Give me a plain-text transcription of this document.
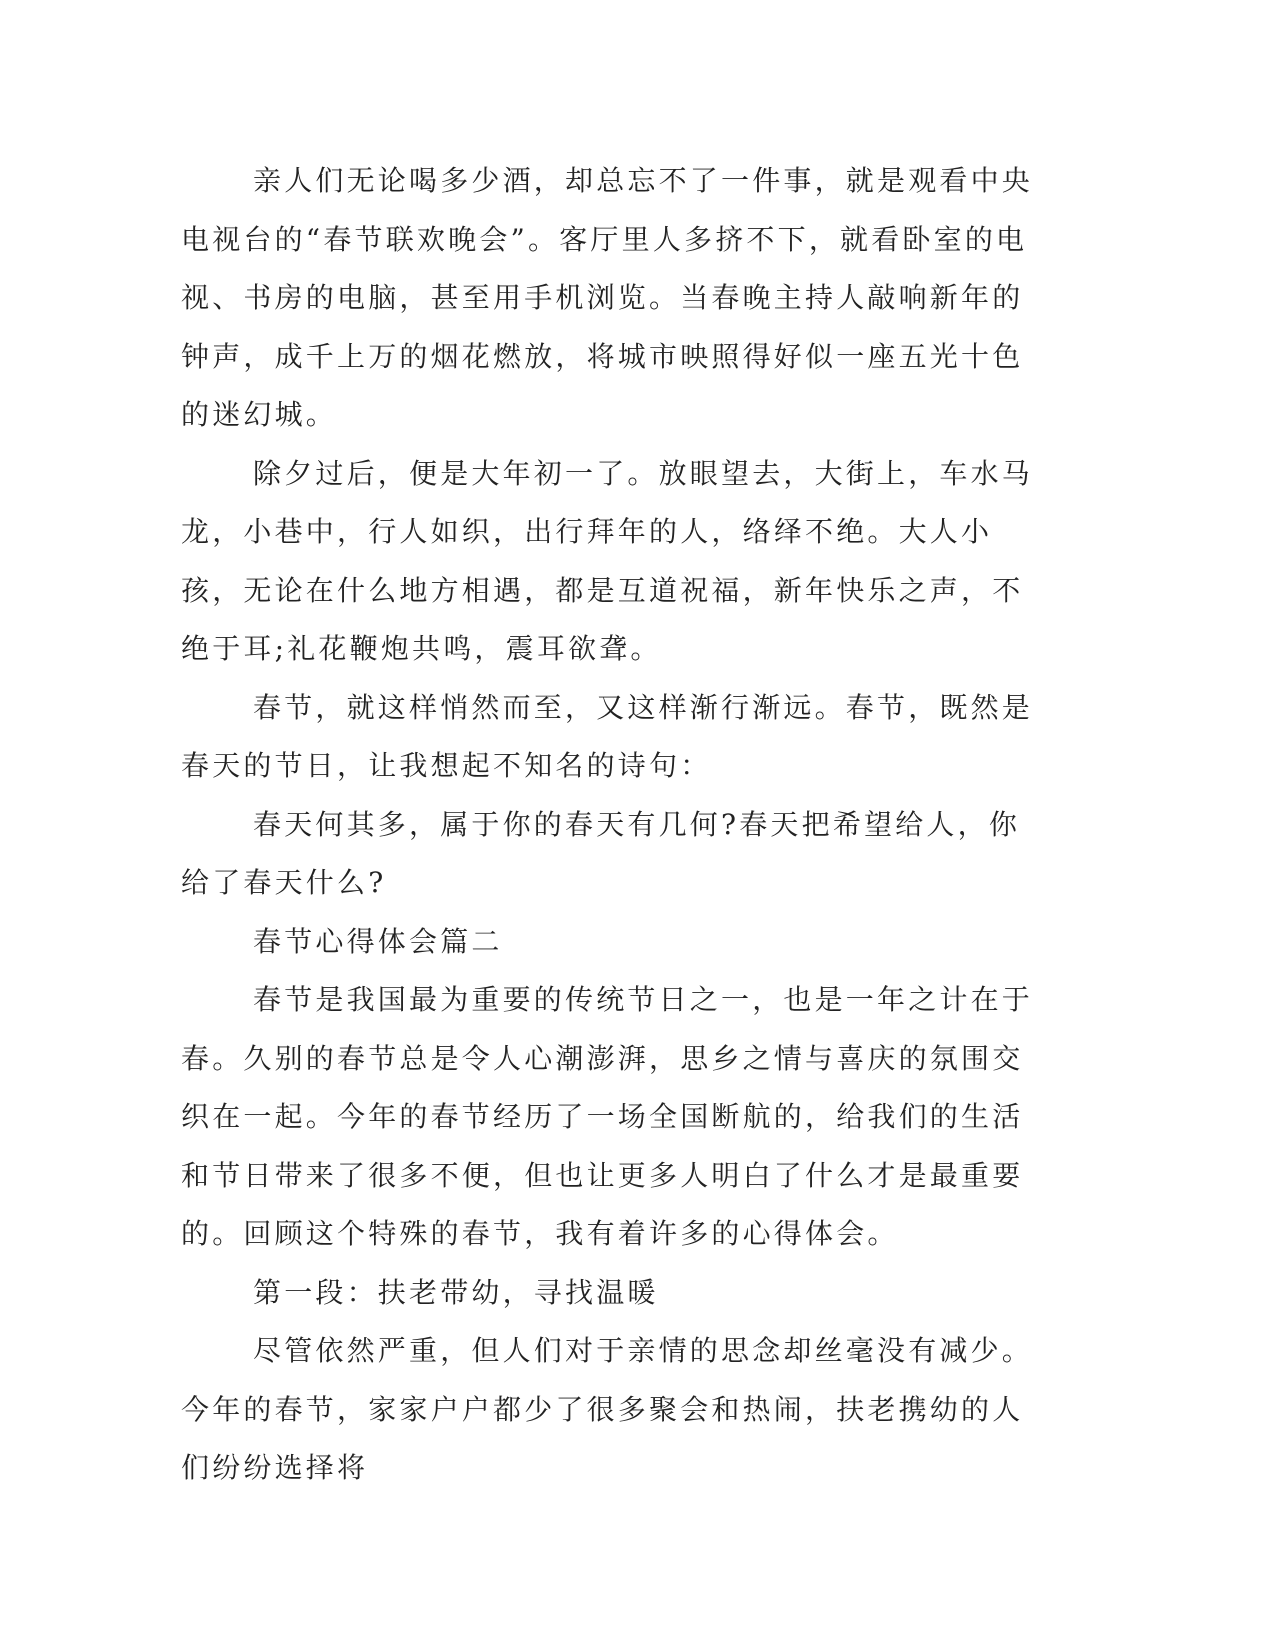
亲人们无论喝多少酒，却总忘不了一件事，就是观看中央电视台的“春节联欢晚会”。客厅里人多挤不下，就看卧室的电视、书房的电脑，甚至用手机浏览。当春晚主持人敲响新年的钟声，成千上万的烟花燃放，将城市映照得好似一座五光十色的迷幻城。

除夕过后，便是大年初一了。放眼望去，大街上，车水马龙，小巷中，行人如织，出行拜年的人，络绎不绝。大人小孩，无论在什么地方相遇，都是互道祝福，新年快乐之声，不绝于耳;礼花鞭炮共鸣，震耳欲聋。

春节，就这样悄然而至，又这样渐行渐远。春节，既然是春天的节日，让我想起不知名的诗句：

春天何其多，属于你的春天有几何?春天把希望给人，你给了春天什么?

春节心得体会篇二

春节是我国最为重要的传统节日之一，也是一年之计在于春。久别的春节总是令人心潮澎湃，思乡之情与喜庆的氛围交织在一起。今年的春节经历了一场全国断航的，给我们的生活和节日带来了很多不便，但也让更多人明白了什么才是最重要的。回顾这个特殊的春节，我有着许多的心得体会。

第一段：扶老带幼，寻找温暖

尽管依然严重，但人们对于亲情的思念却丝毫没有减少。今年的春节，家家户户都少了很多聚会和热闹，扶老携幼的人们纷纷选择将
